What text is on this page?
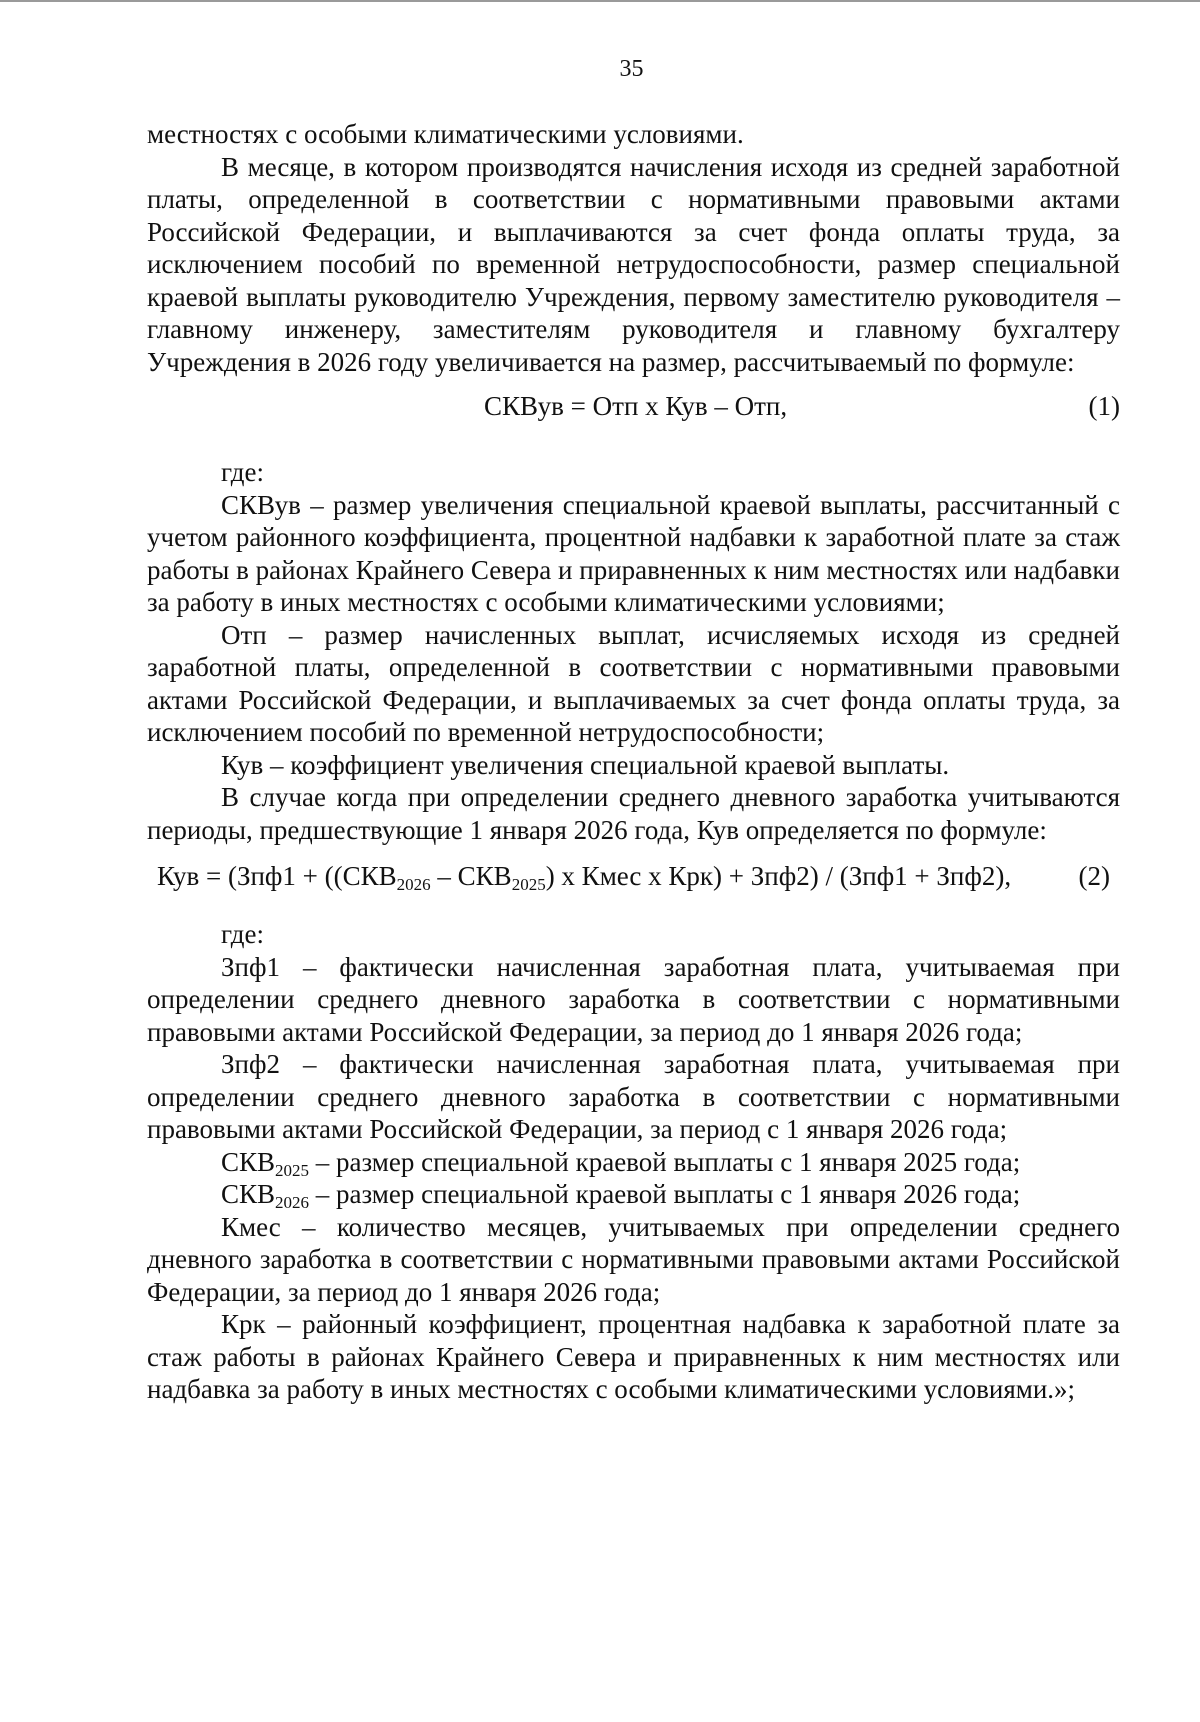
35

местностях с особыми климатическими условиями.

В месяце, в котором производятся начисления исходя из средней заработной платы, определенной в соответствии с нормативными правовыми актами Российской Федерации, и выплачиваются за счет фонда оплаты труда, за исключением пособий по временной нетрудоспособности, размер специальной краевой выплаты руководителю Учреждения, первому заместителю руководителя – главному инженеру, заместителям руководителя и главному бухгалтеру Учреждения в 2026 году увеличивается на размер, рассчитываемый по формуле:

СКВув = Отп х Кув – Отп,	(1)

где:

СКВув – размер увеличения специальной краевой выплаты, рассчитанный с учетом районного коэффициента, процентной надбавки к заработной плате за стаж работы в районах Крайнего Севера и приравненных к ним местностях или надбавки за работу в иных местностях с особыми климатическими условиями;

Отп – размер начисленных выплат, исчисляемых исходя из средней заработной платы, определенной в соответствии с нормативными правовыми актами Российской Федерации, и выплачиваемых за счет фонда оплаты труда, за исключением пособий по временной нетрудоспособности;

Кув – коэффициент увеличения специальной краевой выплаты.

В случае когда при определении среднего дневного заработка учитываются периоды, предшествующие 1 января 2026 года, Кув определяется по формуле:

Кув = ($Зпф1 + ((СКВ_{2026} - СКВ_{2025})$ х Кмес х Крк) + Зпф2) / (Зпф1 + Зпф2), (2)

где:

Зпф1 – фактически начисленная заработная плата, учитываемая при определении среднего дневного заработка в соответствии с нормативными правовыми актами Российской Федерации, за период до 1 января 2026 года;

Зпф2 – фактически начисленная заработная плата, учитываемая при определении среднего дневного заработка в соответствии с нормативными правовыми актами Российской Федерации, за период с 1 января 2026 года;

$СКВ_{2025}$ – размер специальной краевой выплаты с 1 января 2025 года;

$СКВ_{2026}$ – размер специальной краевой выплаты с 1 января 2026 года;

Кмес – количество месяцев, учитываемых при определении среднего дневного заработка в соответствии с нормативными правовыми актами Российской Федерации, за период до 1 января 2026 года;

Крк – районный коэффициент, процентная надбавка к заработной плате за стаж работы в районах Крайнего Севера и приравненных к ним местностях или надбавка за работу в иных местностях с особыми климатическими условиями.»;
